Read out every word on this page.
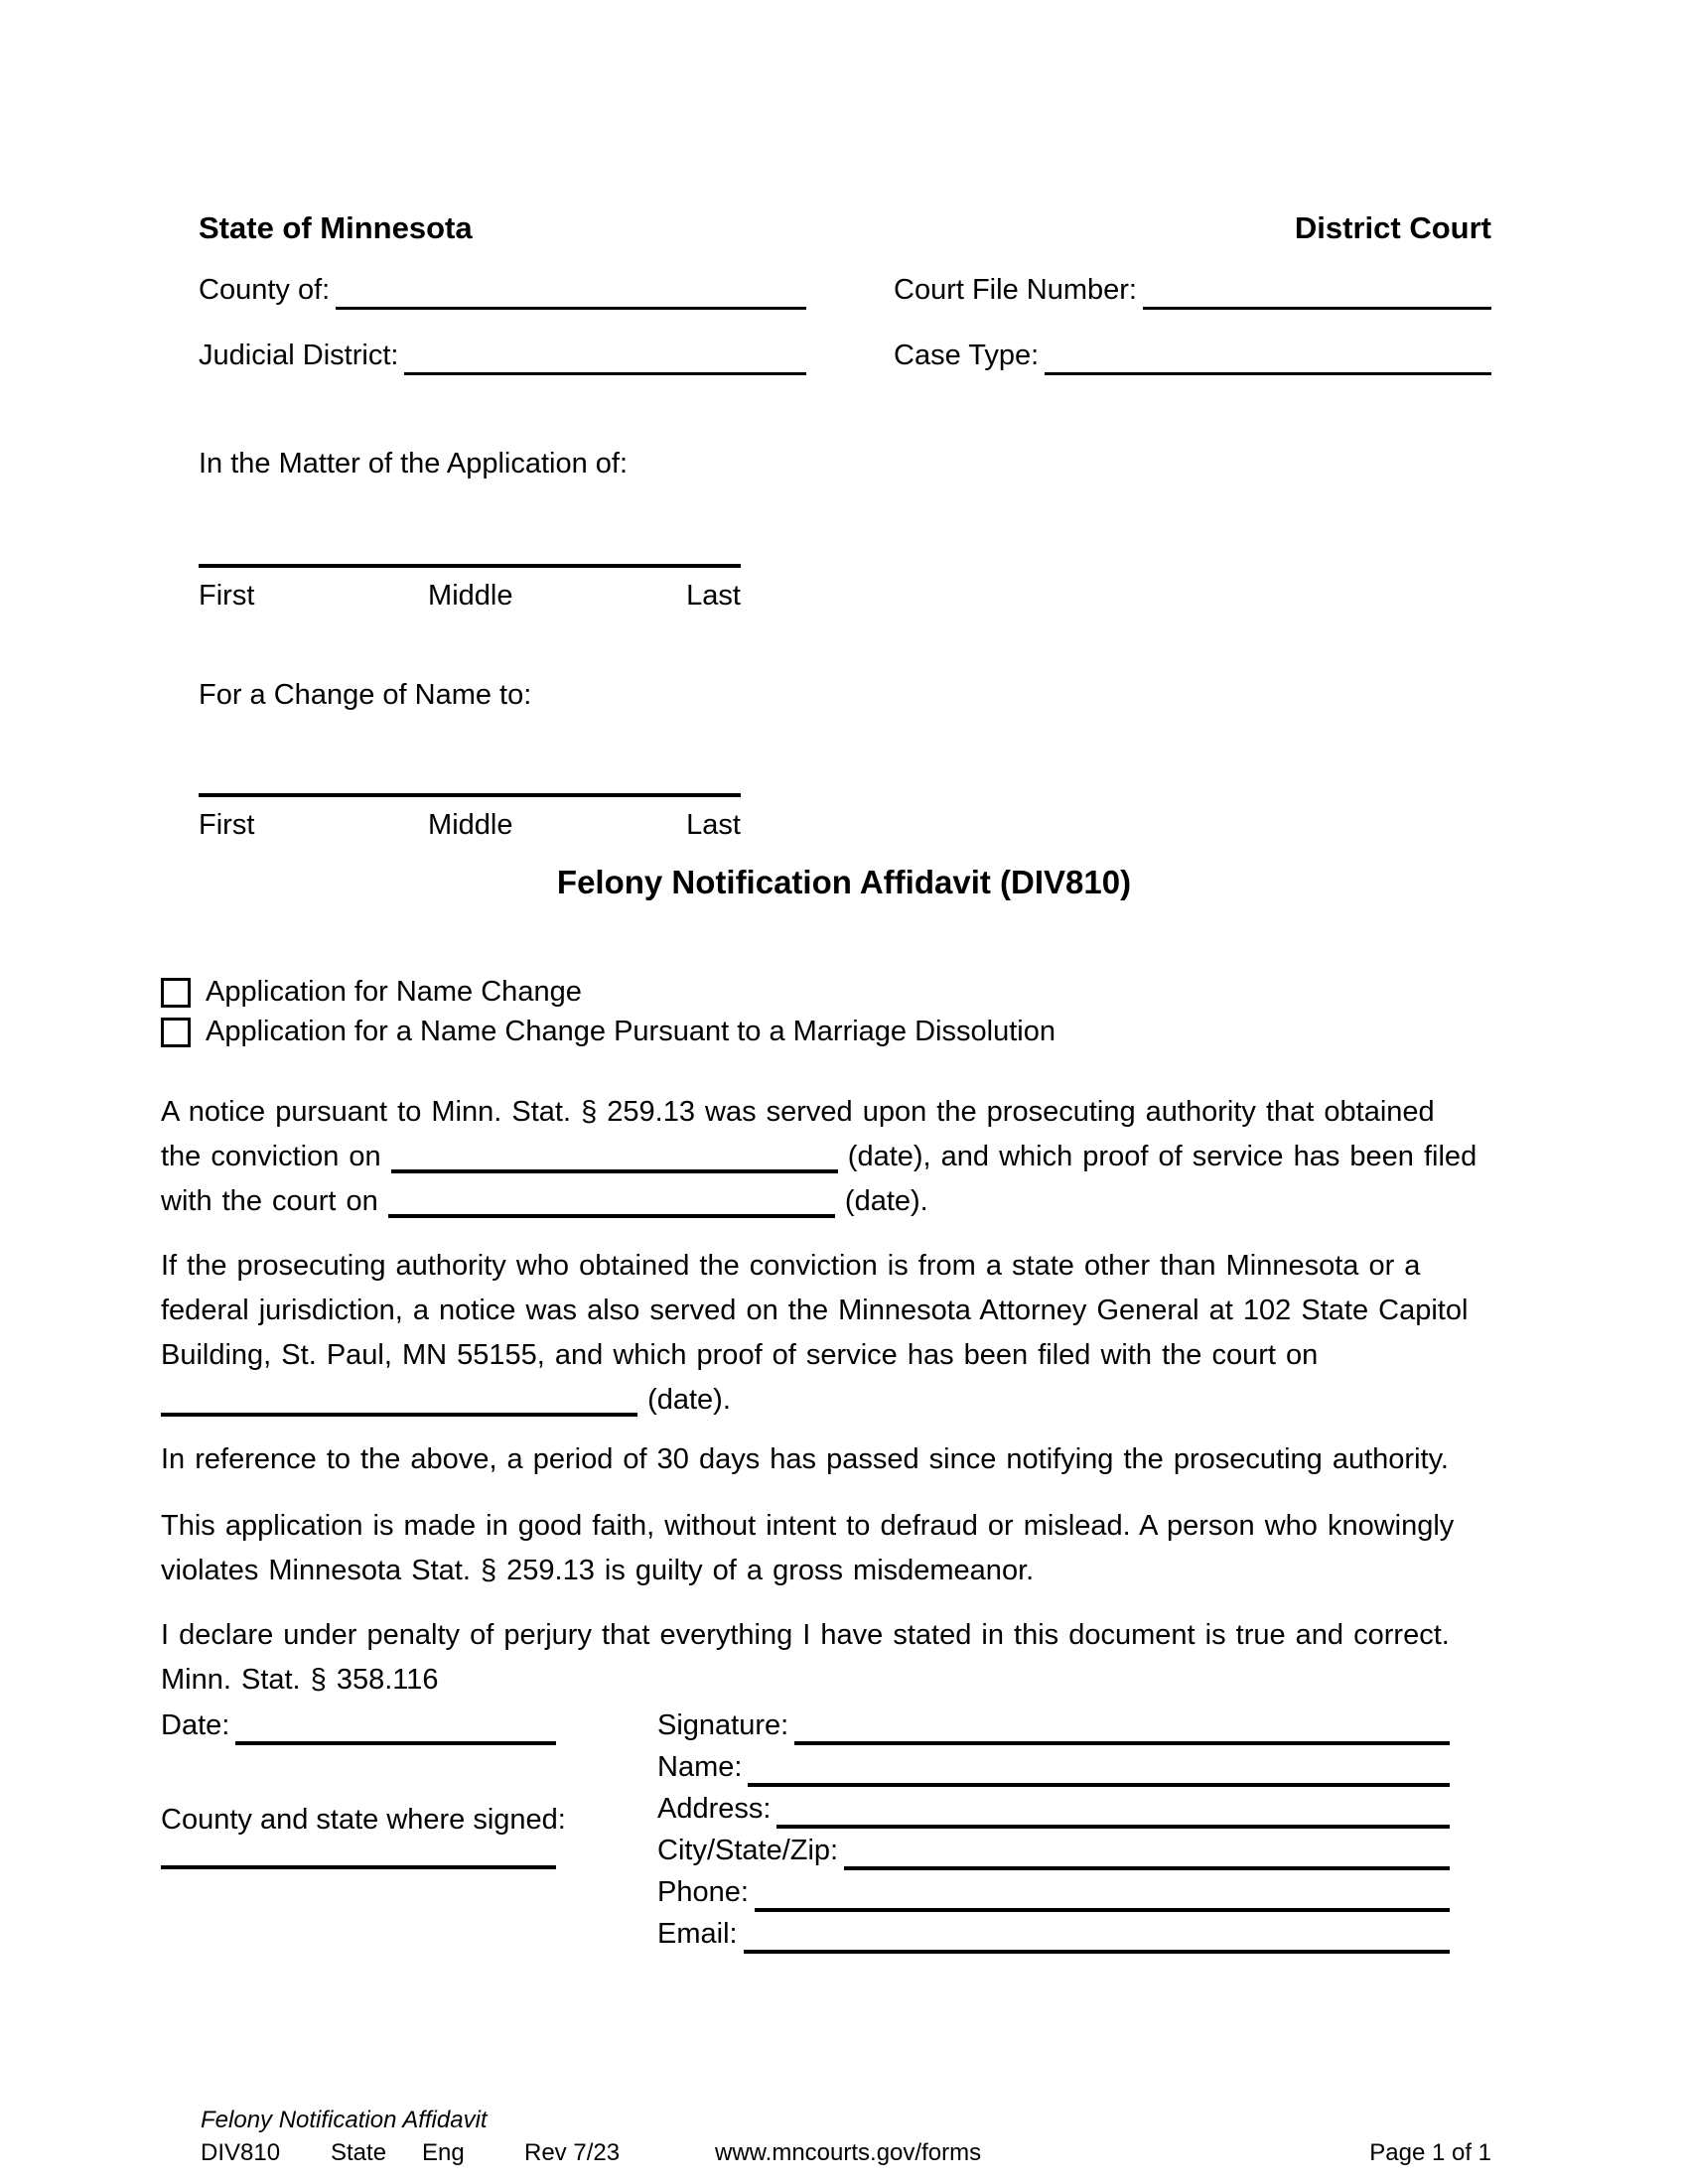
State of Minnesota	District Court
County of:	Court File Number:
Judicial District:	Case Type:
In the Matter of the Application of:
First	Middle	Last
For a Change of Name to:
First	Middle	Last
Felony Notification Affidavit (DIV810)
Application for Name Change
Application for a Name Change Pursuant to a Marriage Dissolution
A notice pursuant to Minn. Stat. § 259.13 was served upon the prosecuting authority that obtained
the conviction on	(date), and which proof of service has been filed
with the court on	(date).
If the prosecuting authority who obtained the conviction is from a state other than Minnesota or a
federal jurisdiction, a notice was also served on the Minnesota Attorney General at 102 State Capitol
Building, St. Paul, MN 55155, and which proof of service has been filed with the court on
(date).
In reference to the above, a period of 30 days has passed since notifying the prosecuting authority.
This application is made in good faith, without intent to defraud or mislead. A person who knowingly
violates Minnesota Stat. § 259.13 is guilty of a gross misdemeanor.
I declare under penalty of perjury that everything I have stated in this document is true and correct.
Minn. Stat. § 358.116
Date:
County and state where signed:
Signature:
Name:
Address:
City/State/Zip:
Phone:
Email:
Felony Notification Affidavit
DIV810 State Eng	Rev 7/23	www.mncourts.gov/forms	Page 1 of 1
